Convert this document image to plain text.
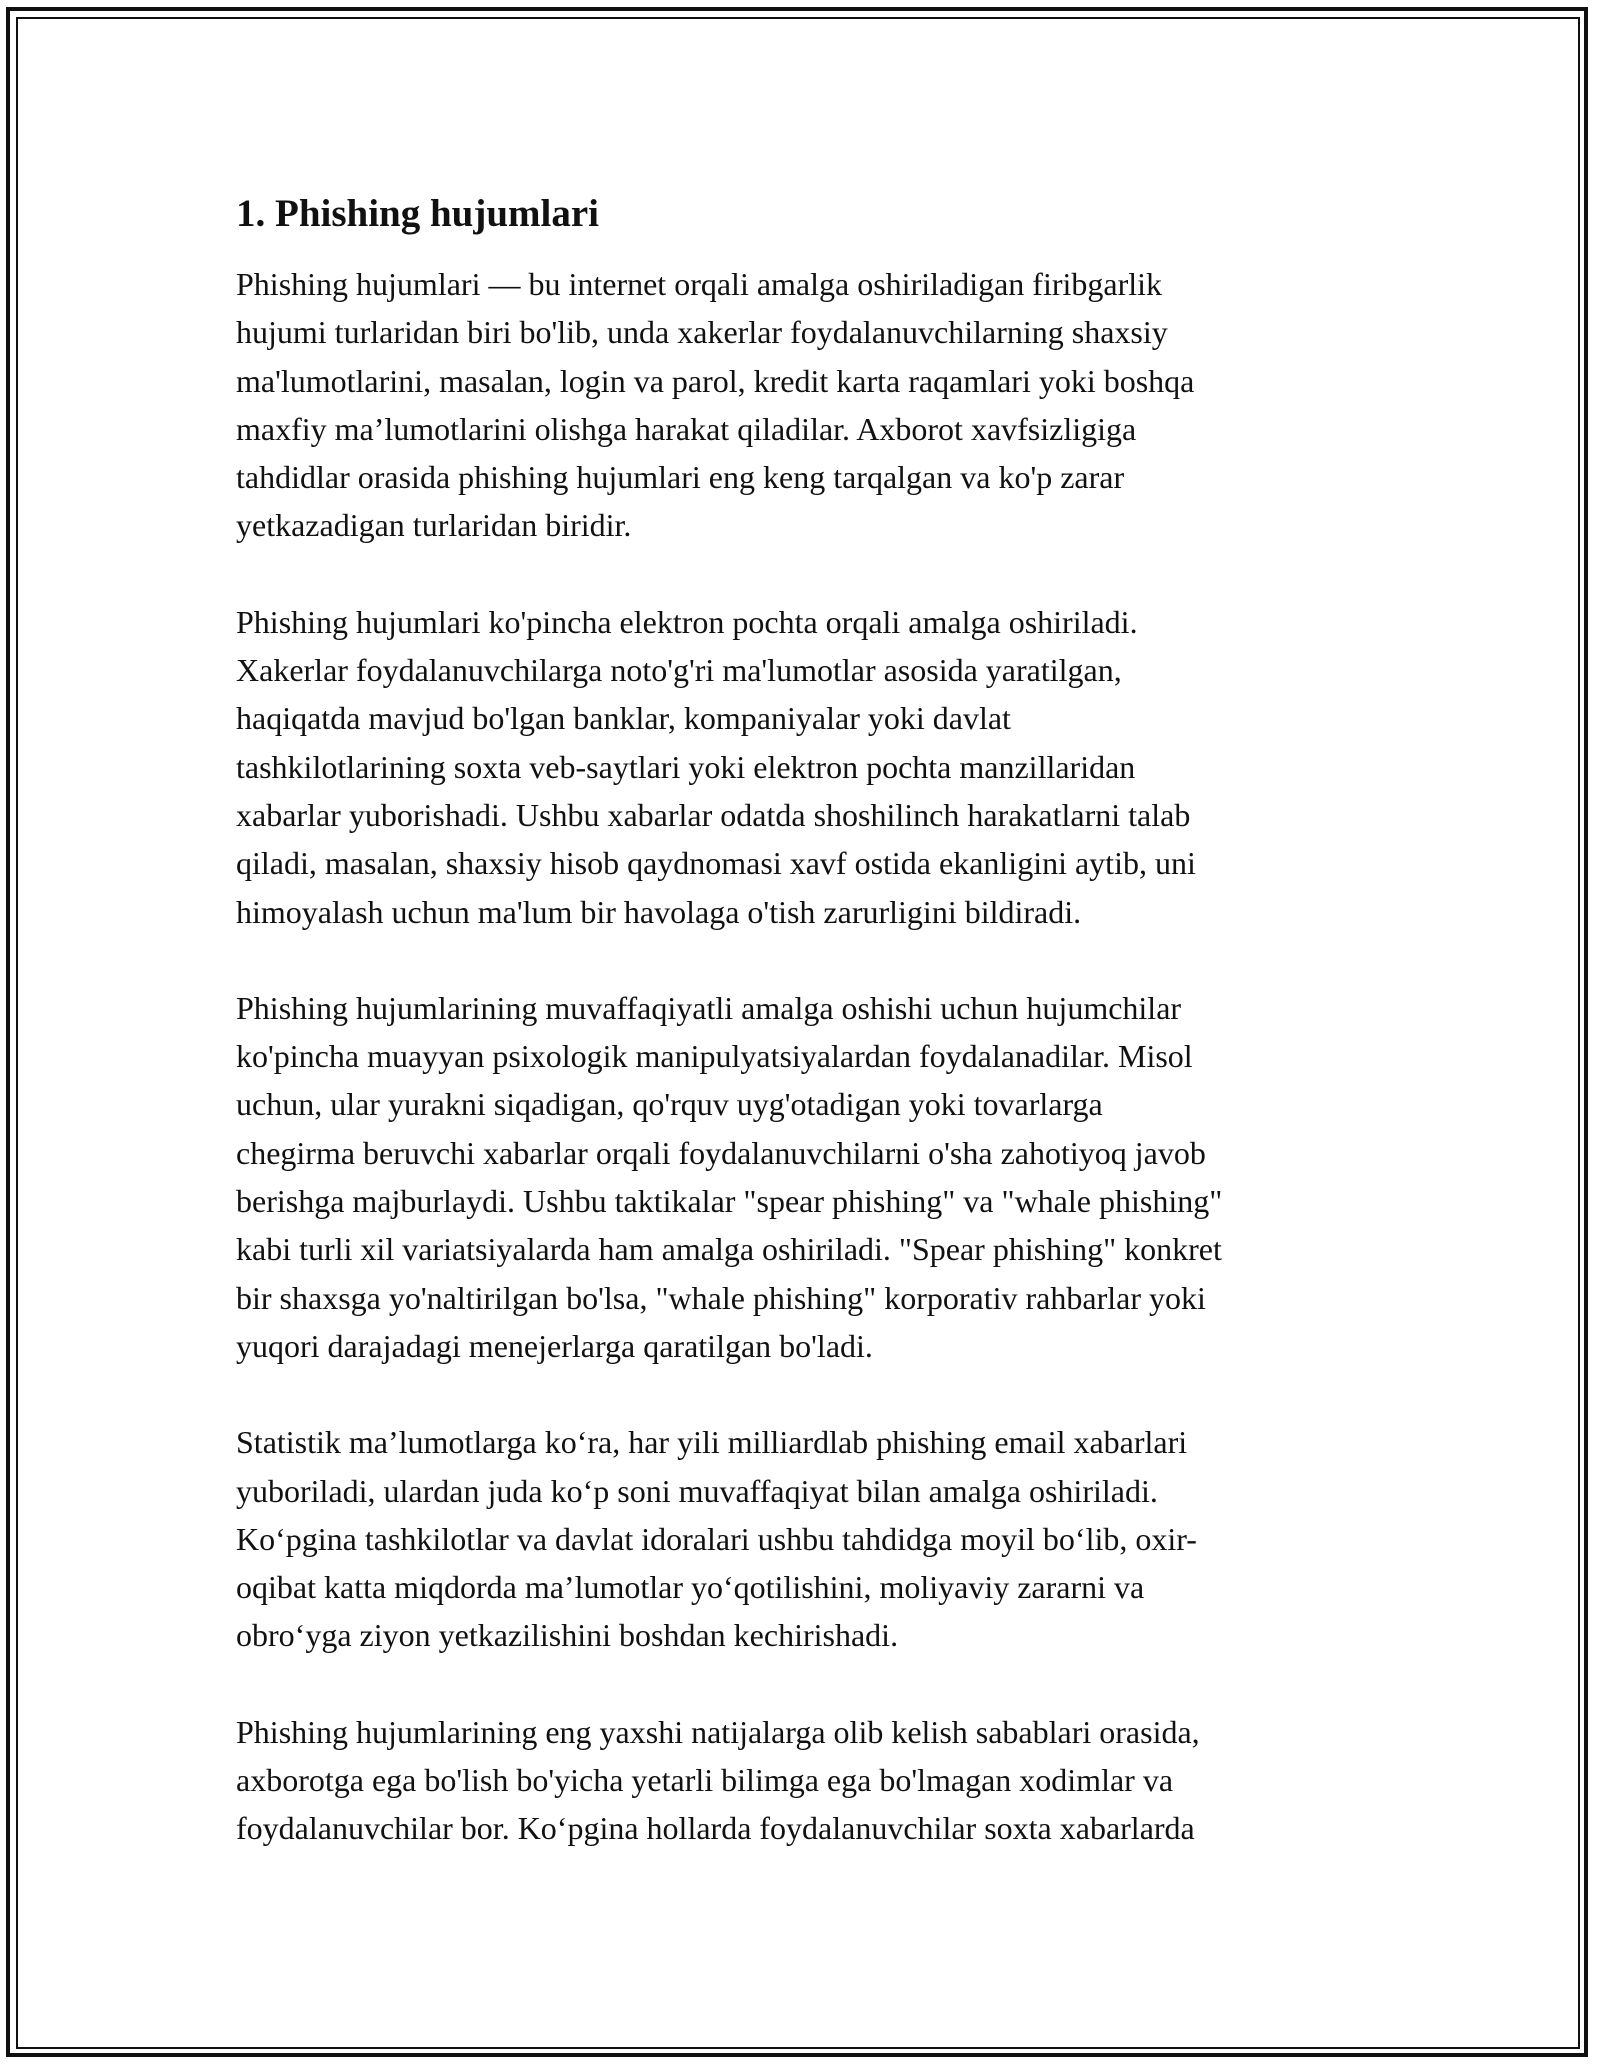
1. Phishing hujumlari

Phishing hujumlari — bu internet orqali amalga oshiriladigan firibgarlik
hujumi turlaridan biri bo'lib, unda xakerlar foydalanuvchilarning shaxsiy
ma'lumotlarini, masalan, login va parol, kredit karta raqamlari yoki boshqa
maxfiy ma’lumotlarini olishga harakat qiladilar. Axborot xavfsizligiga
tahdidlar orasida phishing hujumlari eng keng tarqalgan va ko'p zarar
yetkazadigan turlaridan biridir.

Phishing hujumlari ko'pincha elektron pochta orqali amalga oshiriladi.
Xakerlar foydalanuvchilarga noto'g'ri ma'lumotlar asosida yaratilgan,
haqiqatda mavjud bo'lgan banklar, kompaniyalar yoki davlat
tashkilotlarining soxta veb-saytlari yoki elektron pochta manzillaridan
xabarlar yuborishadi. Ushbu xabarlar odatda shoshilinch harakatlarni talab
qiladi, masalan, shaxsiy hisob qaydnomasi xavf ostida ekanligini aytib, uni
himoyalash uchun ma'lum bir havolaga o'tish zarurligini bildiradi.

Phishing hujumlarining muvaffaqiyatli amalga oshishi uchun hujumchilar
ko'pincha muayyan psixologik manipulyatsiyalardan foydalanadilar. Misol
uchun, ular yurakni siqadigan, qo'rquv uyg'otadigan yoki tovarlarga
chegirma beruvchi xabarlar orqali foydalanuvchilarni o'sha zahotiyoq javob
berishga majburlaydi. Ushbu taktikalar "spear phishing" va "whale phishing"
kabi turli xil variatsiyalarda ham amalga oshiriladi. "Spear phishing" konkret
bir shaxsga yo'naltirilgan bo'lsa, "whale phishing" korporativ rahbarlar yoki
yuqori darajadagi menejerlarga qaratilgan bo'ladi.

Statistik ma’lumotlarga ko‘ra, har yili milliardlab phishing email xabarlari
yuboriladi, ulardan juda ko‘p soni muvaffaqiyat bilan amalga oshiriladi.
Ko‘pgina tashkilotlar va davlat idoralari ushbu tahdidga moyil bo‘lib, oxir-
oqibat katta miqdorda ma’lumotlar yo‘qotilishini, moliyaviy zararni va
obro‘yga ziyon yetkazilishini boshdan kechirishadi.

Phishing hujumlarining eng yaxshi natijalarga olib kelish sabablari orasida,
axborotga ega bo'lish bo'yicha yetarli bilimga ega bo'lmagan xodimlar va
foydalanuvchilar bor. Ko‘pgina hollarda foydalanuvchilar soxta xabarlarda
